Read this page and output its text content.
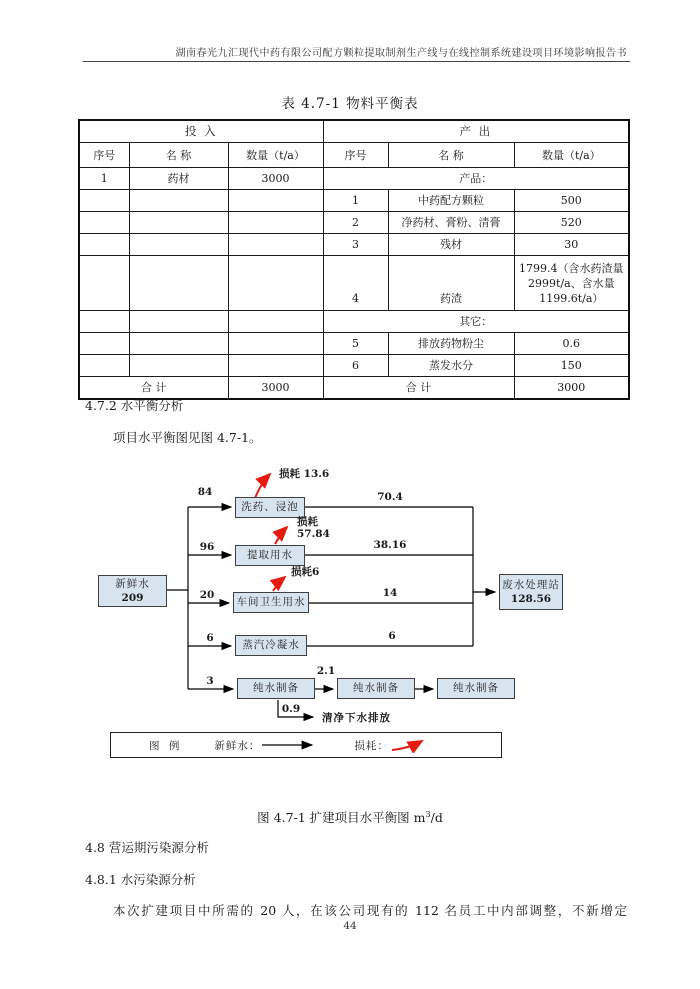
湖南春光九汇现代中药有限公司配方颗粒提取制剂生产线与在线控制系统建设项目环境影响报告书
表 4.7-1 物料平衡表
投 入			产 出		
序号	名 称	数量（t/a）	序号	名 称	数量（t/a）
1	药材	3000	产品：		
			1	中药配方颗粒	500
			2	净药材、膏粉、清膏	520
			3	残材	30
			4	药渣	1799.4（含水药渣量 2999t/a、含水量 1199.6t/a）
			其它：		
			5	排放药物粉尘	0.6
			6	蒸发水分	150
合 计		3000	合 计		3000
4.7.2 水平衡分析
项目水平衡图见图 4.7-1。
新鲜水
209
洗药、浸泡
提取用水
车间卫生用水
蒸汽冷凝水
纯水制备	纯水制备	纯水制备
废水处理站
128.56
84	70.4
96	38.16
20	14
6	6
3
2.1
0.9
损耗 13.6
损耗
57.84
损耗6
清净下水排放
图 例	新鲜水：	损耗：
图 4.7-1 扩建项目水平衡图 $m^3/d$
4.8 营运期污染源分析
4.8.1 水污染源分析
本次扩建项目中所需的 20 人，在该公司现有的 112 名员工中内部调整，不新增定
44
